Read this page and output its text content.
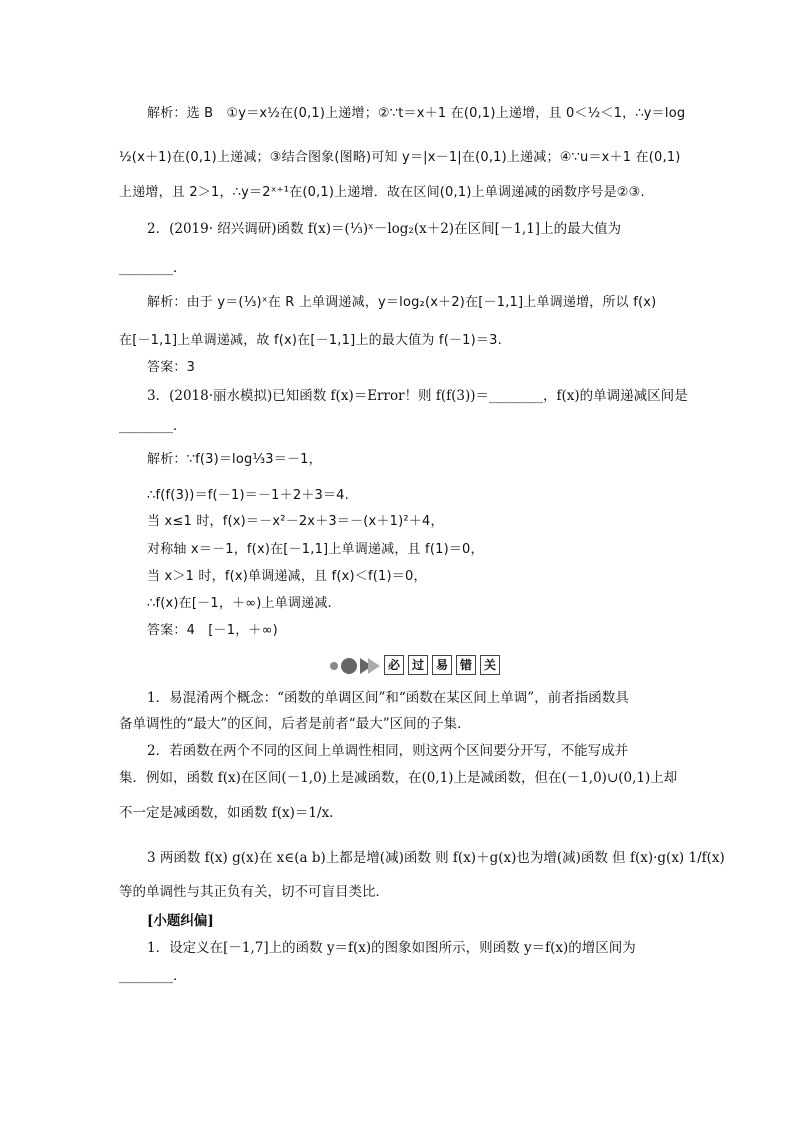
解析：选 B　①y＝x½在(0,1)上递增；②∵t＝x＋1 在(0,1)上递增，且 0＜½＜1，∴y＝log
½(x＋1)在(0,1)上递减；③结合图象(图略)可知 y＝|x－1|在(0,1)上递减；④∵u＝x＋1 在(0,1)
上递增，且 2＞1，∴y＝2ˣ⁺¹在(0,1)上递增．故在区间(0,1)上单调递减的函数序号是②③.
2．(2019· 绍兴调研)函数 f(x)＝(⅓)ˣ－log₂(x＋2)在区间[－1,1]上的最大值为
________．
解析：由于 y＝(⅓)ˣ在 R 上单调递减，y＝log₂(x＋2)在[－1,1]上单调递增，所以 f(x)
在[－1,1]上单调递减，故 f(x)在[－1,1]上的最大值为 f(－1)＝3.
答案：3
3．(2018·丽水模拟)已知函数 f(x)＝Error！则 f(f(3))＝________，f(x)的单调递减区间是
________．
解析：∵f(3)＝log⅓3＝－1，
∴f(f(3))＝f(－1)＝－1＋2＋3＝4.
当 x≤1 时，f(x)＝－x²－2x＋3＝－(x＋1)²＋4，
对称轴 x＝－1，f(x)在[－1,1]上单调递减，且 f(1)＝0，
当 x＞1 时，f(x)单调递减，且 f(x)＜f(1)＝0，
∴f(x)在[－1，＋∞)上单调递减.
答案：4　[－1，＋∞)
必 过 易 错 关
1．易混淆两个概念：“函数的单调区间”和“函数在某区间上单调”，前者指函数具
备单调性的“最大”的区间，后者是前者“最大”区间的子集．
2．若函数在两个不同的区间上单调性相同，则这两个区间要分开写，不能写成并
集．例如，函数 f(x)在区间(－1,0)上是减函数，在(0,1)上是减函数，但在(－1,0)∪(0,1)上却
不一定是减函数，如函数 f(x)＝1/x.
3 两函数 f(x) g(x)在 x∈(a b)上都是增(减)函数 则 f(x)＋g(x)也为增(减)函数 但 f(x)·g(x) 1/f(x)
等的单调性与其正负有关，切不可盲目类比．
[小题纠偏]
1．设定义在[－1,7]上的函数 y＝f(x)的图象如图所示，则函数 y＝f(x)的增区间为
________．
